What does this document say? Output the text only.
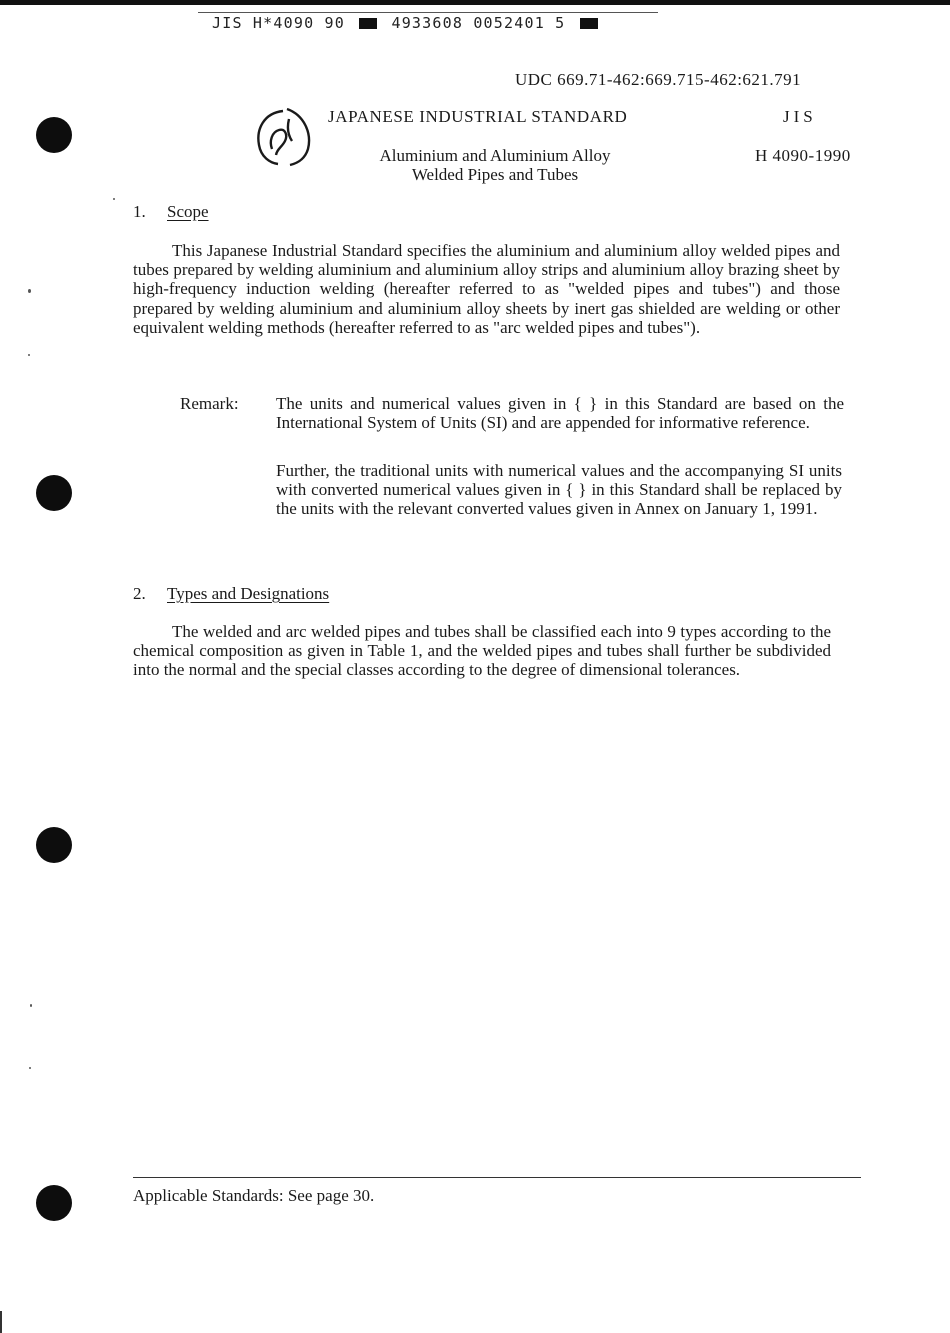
JIS H*4090 90	4933608 0052401 5
UDC 669.71-462:669.715-462:621.791
JAPANESE INDUSTRIAL STANDARD	JIS
Aluminium and Aluminium Alloy
Welded Pipes and Tubes
H 4090-1990
1. Scope
This Japanese Industrial Standard specifies the aluminium and aluminium alloy welded pipes and tubes prepared by welding aluminium and aluminium alloy strips and aluminium alloy brazing sheet by high-frequency induction welding (hereafter referred to as "welded pipes and tubes") and those prepared by welding aluminium and aluminium alloy sheets by inert gas shielded are welding or other equivalent welding methods (hereafter referred to as "arc welded pipes and tubes").
Remark: The units and numerical values given in { } in this Standard are based on the International System of Units (SI) and are appended for informative reference.
Further, the traditional units with numerical values and the accompanying SI units with converted numerical values given in { } in this Standard shall be replaced by the units with the relevant converted values given in Annex on January 1, 1991.
2. Types and Designations
The welded and arc welded pipes and tubes shall be classified each into 9 types according to the chemical composition as given in Table 1, and the welded pipes and tubes shall further be subdivided into the normal and the special classes according to the degree of dimensional tolerances.
Applicable Standards: See page 30.
